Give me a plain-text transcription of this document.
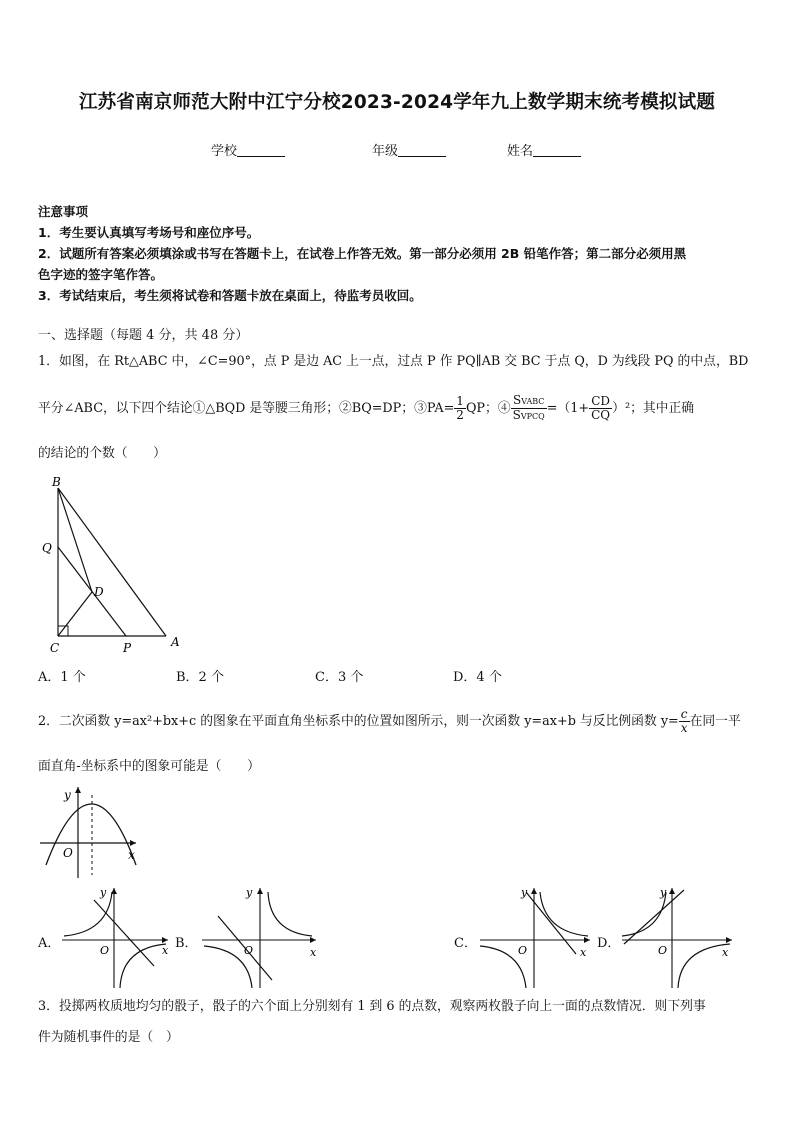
江苏省南京师范大附中江宁分校2023-2024学年九上数学期末统考模拟试题
学校	年级	姓名
注意事项
1．考生要认真填写考场号和座位序号。
2．试题所有答案必须填涂或书写在答题卡上，在试卷上作答无效。第一部分必须用 2B 铅笔作答；第二部分必须用黑
色字迹的签字笔作答。
3．考试结束后，考生须将试卷和答题卡放在桌面上，待监考员收回。
一、选择题（每题 4 分，共 48 分）
1．如图，在 Rt△ABC 中，∠C=90°，点 P 是边 AC 上一点，过点 P 作 PQ∥AB 交 BC 于点 Q，D 为线段 PQ 的中点，BD
平分∠ABC，以下四个结论①△BQD 是等腰三角形；②BQ=DP；③PA= $\frac{1}{2}$ QP；④ $\frac{\text{SVABC}}{\text{SVPCQ}} =(1+ \frac{CD}{CQ} )^2$；其中正确
的结论的个数（　　）
B
Q
D
C	P	A
A．1 个	B．2 个	C．3 个	D．4 个
2．二次函数 y=ax²+bx+c 的图象在平面直角坐标系中的位置如图所示，则一次函数 y=ax+b 与反比例函数 $y= \frac{c}{x}$ 在同一平
面直角-坐标系中的图象可能是（　　）
y
x
O
A．
y
x
O	B．
y
x
O	C．
y
x
O	D．
y
x
O
3．投掷两枚质地均匀的骰子，骰子的六个面上分别刻有 1 到 6 的点数，观察两枚骰子向上一面的点数情况．则下列事
件为随机事件的是（　）
